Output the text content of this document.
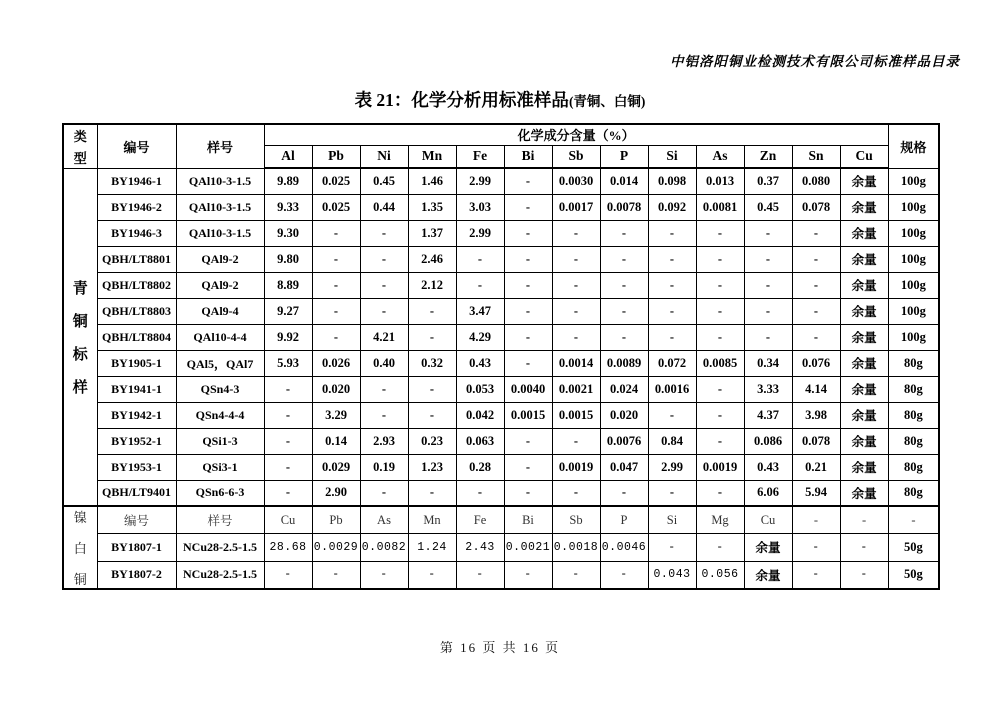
中铝洛阳铜业检测技术有限公司标准样品目录
表 21：化学分析用标准样品(青铜、白铜)
类
型	编号	样号	化学成分含量（%）													规格
			Al	Pb	Ni	Mn	Fe	Bi	Sb	P	Si	As	Zn	Sn	Cu	

青
铜
标
样	BY1946-1	QAl10-3-1.5	9.89	0.025	0.45	1.46	2.99	-	0.0030	0.014	0.098	0.013	0.37	0.080	余量	100g
	BY1946-2	QAl10-3-1.5	9.33	0.025	0.44	1.35	3.03	-	0.0017	0.0078	0.092	0.0081	0.45	0.078	余量	100g
	BY1946-3	QAl10-3-1.5	9.30	-	-	1.37	2.99	-	-	-	-	-	-	-	余量	100g
	QBH/LT8801	QAl9-2	9.80	-	-	2.46	-	-	-	-	-	-	-	-	余量	100g
	QBH/LT8802	QAl9-2	8.89	-	-	2.12	-	-	-	-	-	-	-	-	余量	100g
	QBH/LT8803	QAl9-4	9.27	-	-	-	3.47	-	-	-	-	-	-	-	余量	100g
	QBH/LT8804	QAl10-4-4	9.92	-	4.21	-	4.29	-	-	-	-	-	-	-	余量	100g
	BY1905-1	QAl5，QAl7	5.93	0.026	0.40	0.32	0.43	-	0.0014	0.0089	0.072	0.0085	0.34	0.076	余量	80g
	BY1941-1	QSn4-3	-	0.020	-	-	0.053	0.0040	0.0021	0.024	0.0016	-	3.33	4.14	余量	80g
	BY1942-1	QSn4-4-4	-	3.29	-	-	0.042	0.0015	0.0015	0.020	-	-	4.37	3.98	余量	80g
	BY1952-1	QSi1-3	-	0.14	2.93	0.23	0.063	-	-	0.0076	0.84	-	0.086	0.078	余量	80g
	BY1953-1	QSi3-1	-	0.029	0.19	1.23	0.28	-	0.0019	0.047	2.99	0.0019	0.43	0.21	余量	80g
	QBH/LT9401	QSn6-6-3	-	2.90	-	-	-	-	-	-	-	-	6.06	5.94	余量	80g

镍
白
铜	编号	样号	Cu	Pb	As	Mn	Fe	Bi	Sb	P	Si	Mg	Cu	-	-	-
	BY1807-1	NCu28-2.5-1.5	28.68	0.0029	0.0082	1.24	2.43	0.0021	0.0018	0.0046	-	-	余量	-	-	50g
	BY1807-2	NCu28-2.5-1.5	-	-	-	-	-	-	-	-	0.043	0.056	余量	-	-	50g
第 16 页 共 16 页
